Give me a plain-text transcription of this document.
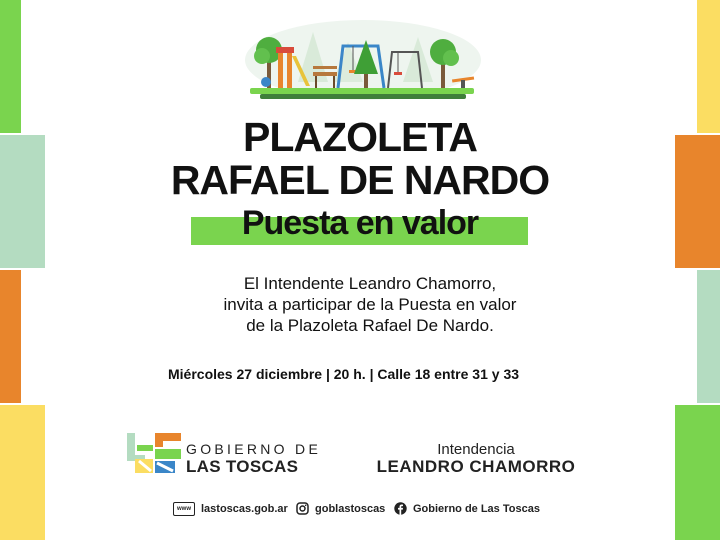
PLAZOLETA
RAFAEL DE NARDO
Puesta en valor
El Intendente Leandro Chamorro,
invita a participar de la Puesta en valor
de la Plazoleta Rafael De Nardo.
Miércoles 27 diciembre | 20 h. | Calle 18 entre 31 y 33
GOBIERNO DE
LAS TOSCAS
Intendencia
LEANDRO CHAMORRO
www lastoscas.gob.ar goblastoscas	Gobierno de Las Toscas
